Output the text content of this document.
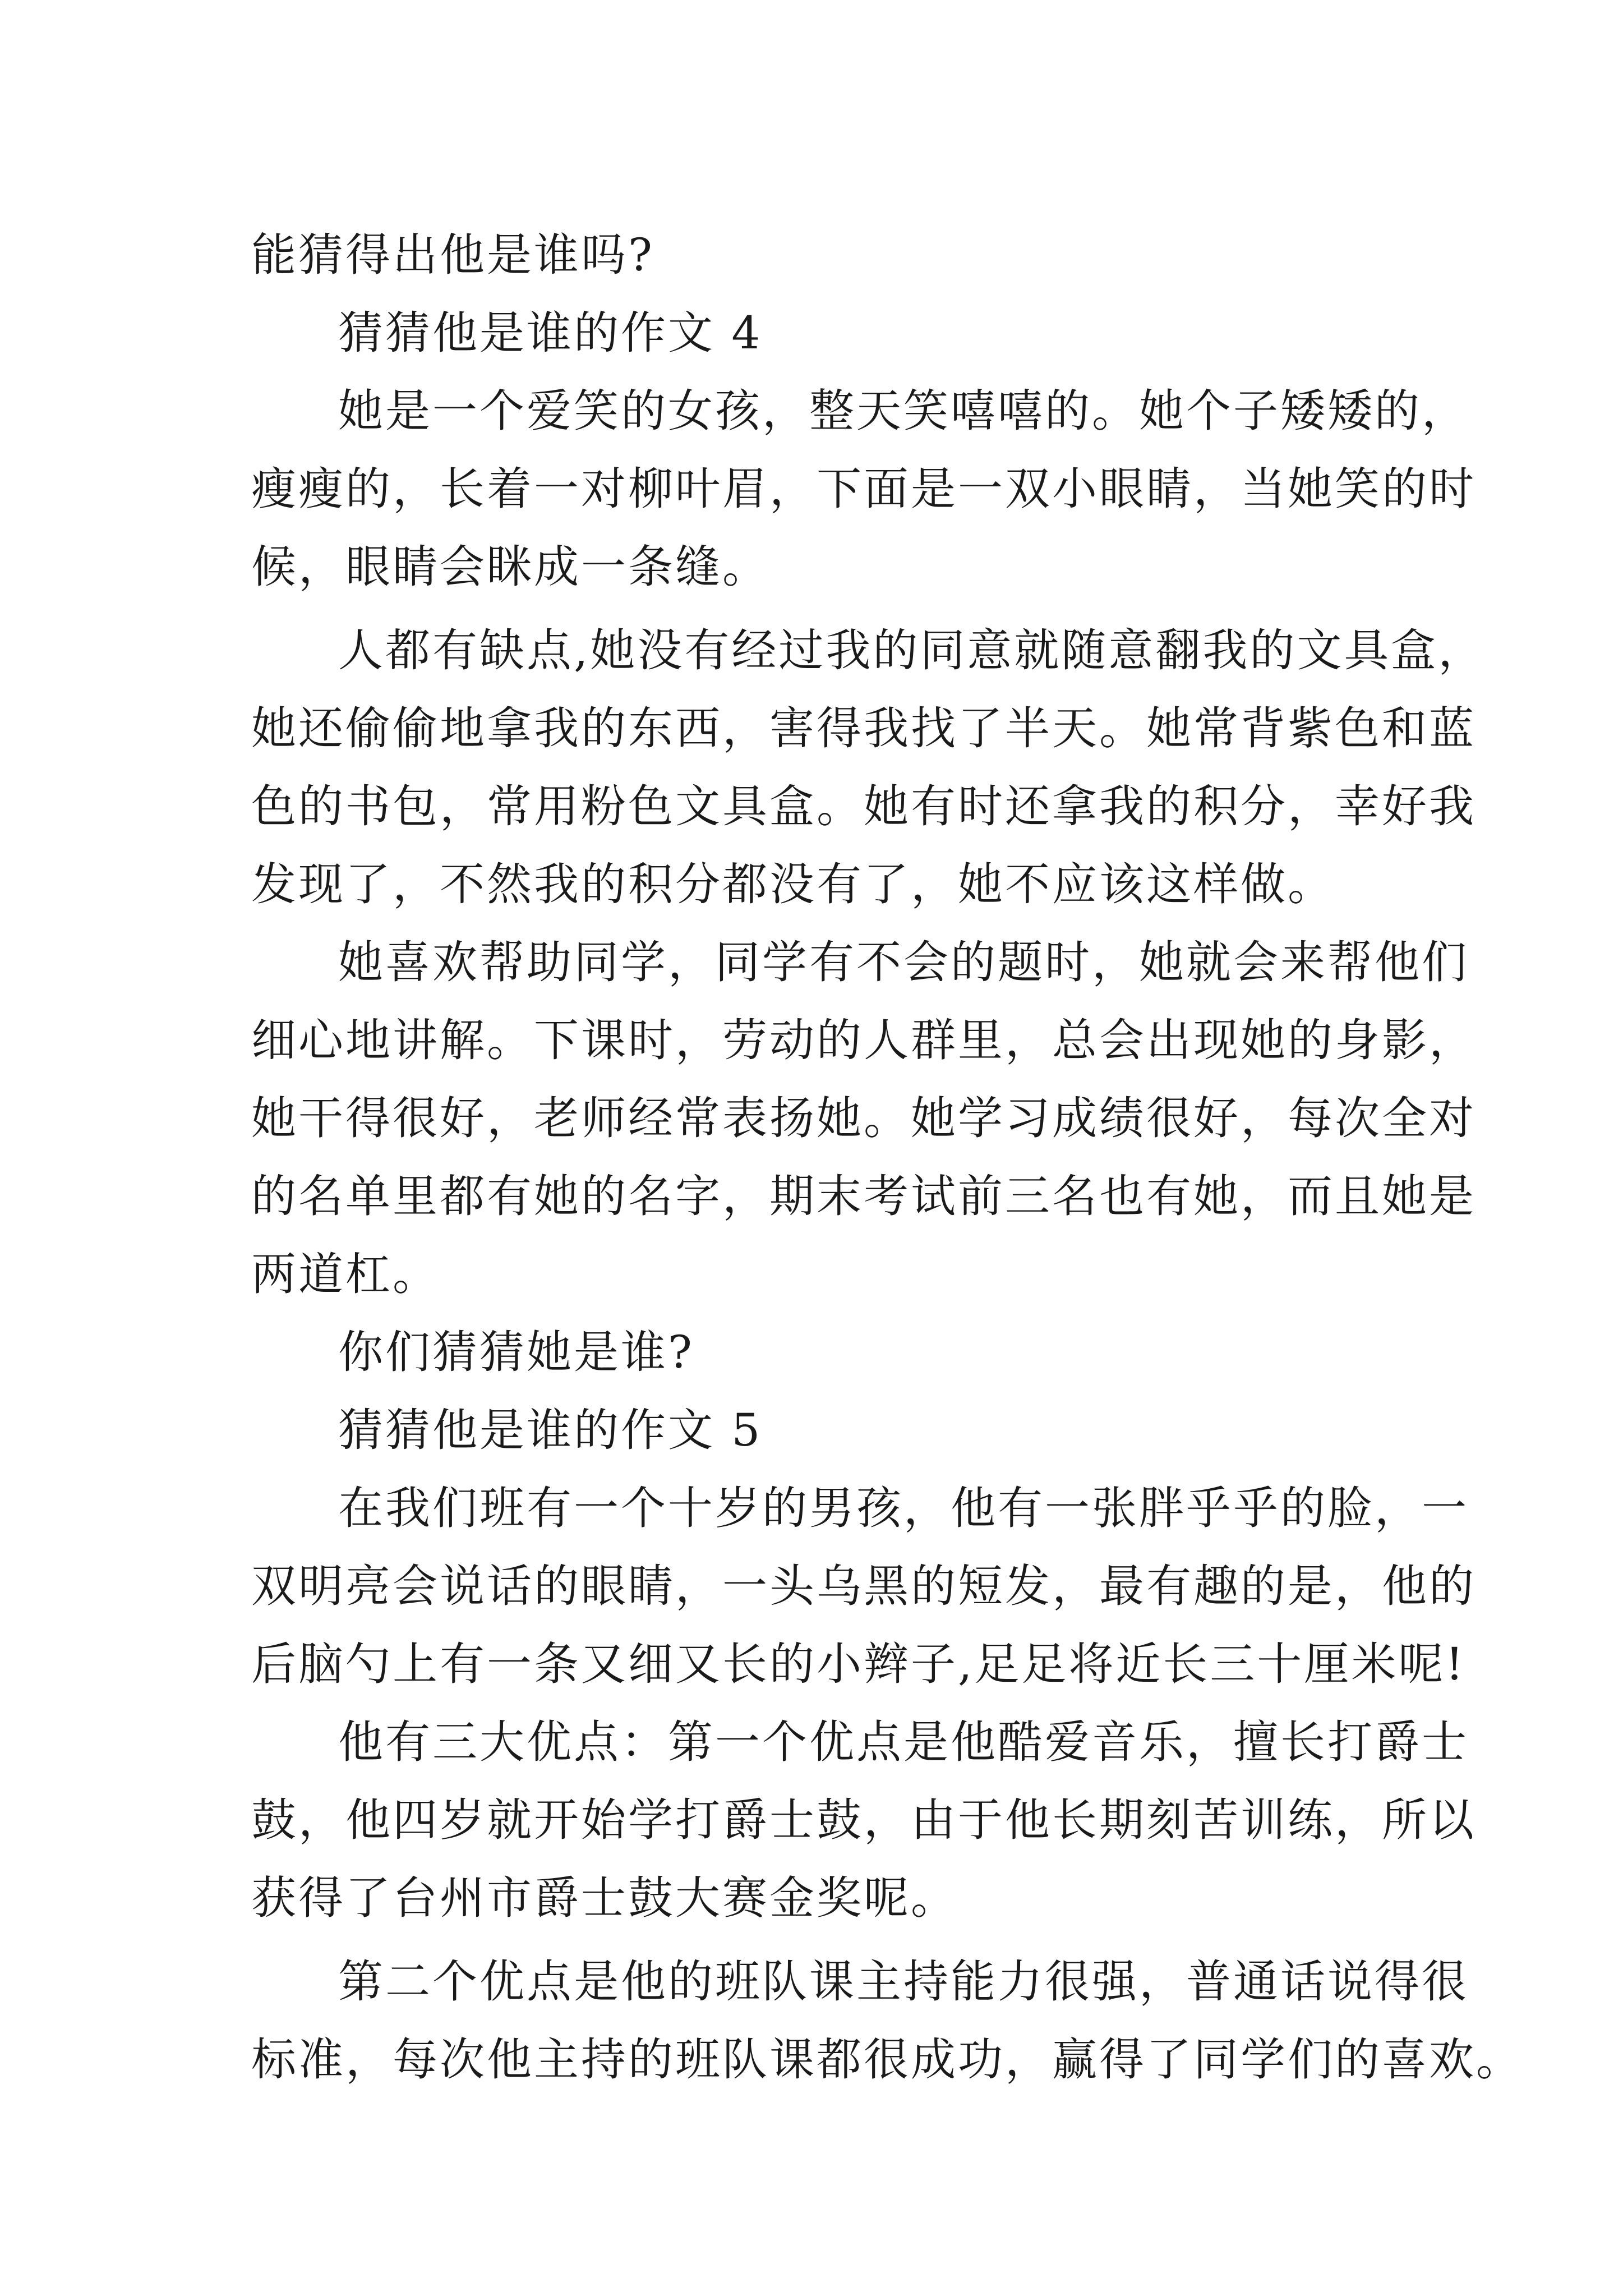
能猜得出他是谁吗?
猜猜他是谁的作文 4
她是一个爱笑的女孩，整天笑嘻嘻的。她个子矮矮的，
瘦瘦的，长着一对柳叶眉，下面是一双小眼睛，当她笑的时
候，眼睛会眯成一条缝。
人都有缺点,她没有经过我的同意就随意翻我的文具盒，
她还偷偷地拿我的东西，害得我找了半天。她常背紫色和蓝
色的书包，常用粉色文具盒。她有时还拿我的积分，幸好我
发现了，不然我的积分都没有了，她不应该这样做。
她喜欢帮助同学，同学有不会的题时，她就会来帮他们
细心地讲解。下课时，劳动的人群里，总会出现她的身影，
她干得很好，老师经常表扬她。她学习成绩很好，每次全对
的名单里都有她的名字，期末考试前三名也有她，而且她是
两道杠。
你们猜猜她是谁?
猜猜他是谁的作文 5
在我们班有一个十岁的男孩，他有一张胖乎乎的脸，一
双明亮会说话的眼睛，一头乌黑的短发，最有趣的是，他的
后脑勺上有一条又细又长的小辫子,足足将近长三十厘米呢!
他有三大优点：第一个优点是他酷爱音乐，擅长打爵士
鼓，他四岁就开始学打爵士鼓，由于他长期刻苦训练，所以
获得了台州市爵士鼓大赛金奖呢。
第二个优点是他的班队课主持能力很强，普通话说得很
标准，每次他主持的班队课都很成功，赢得了同学们的喜欢。
